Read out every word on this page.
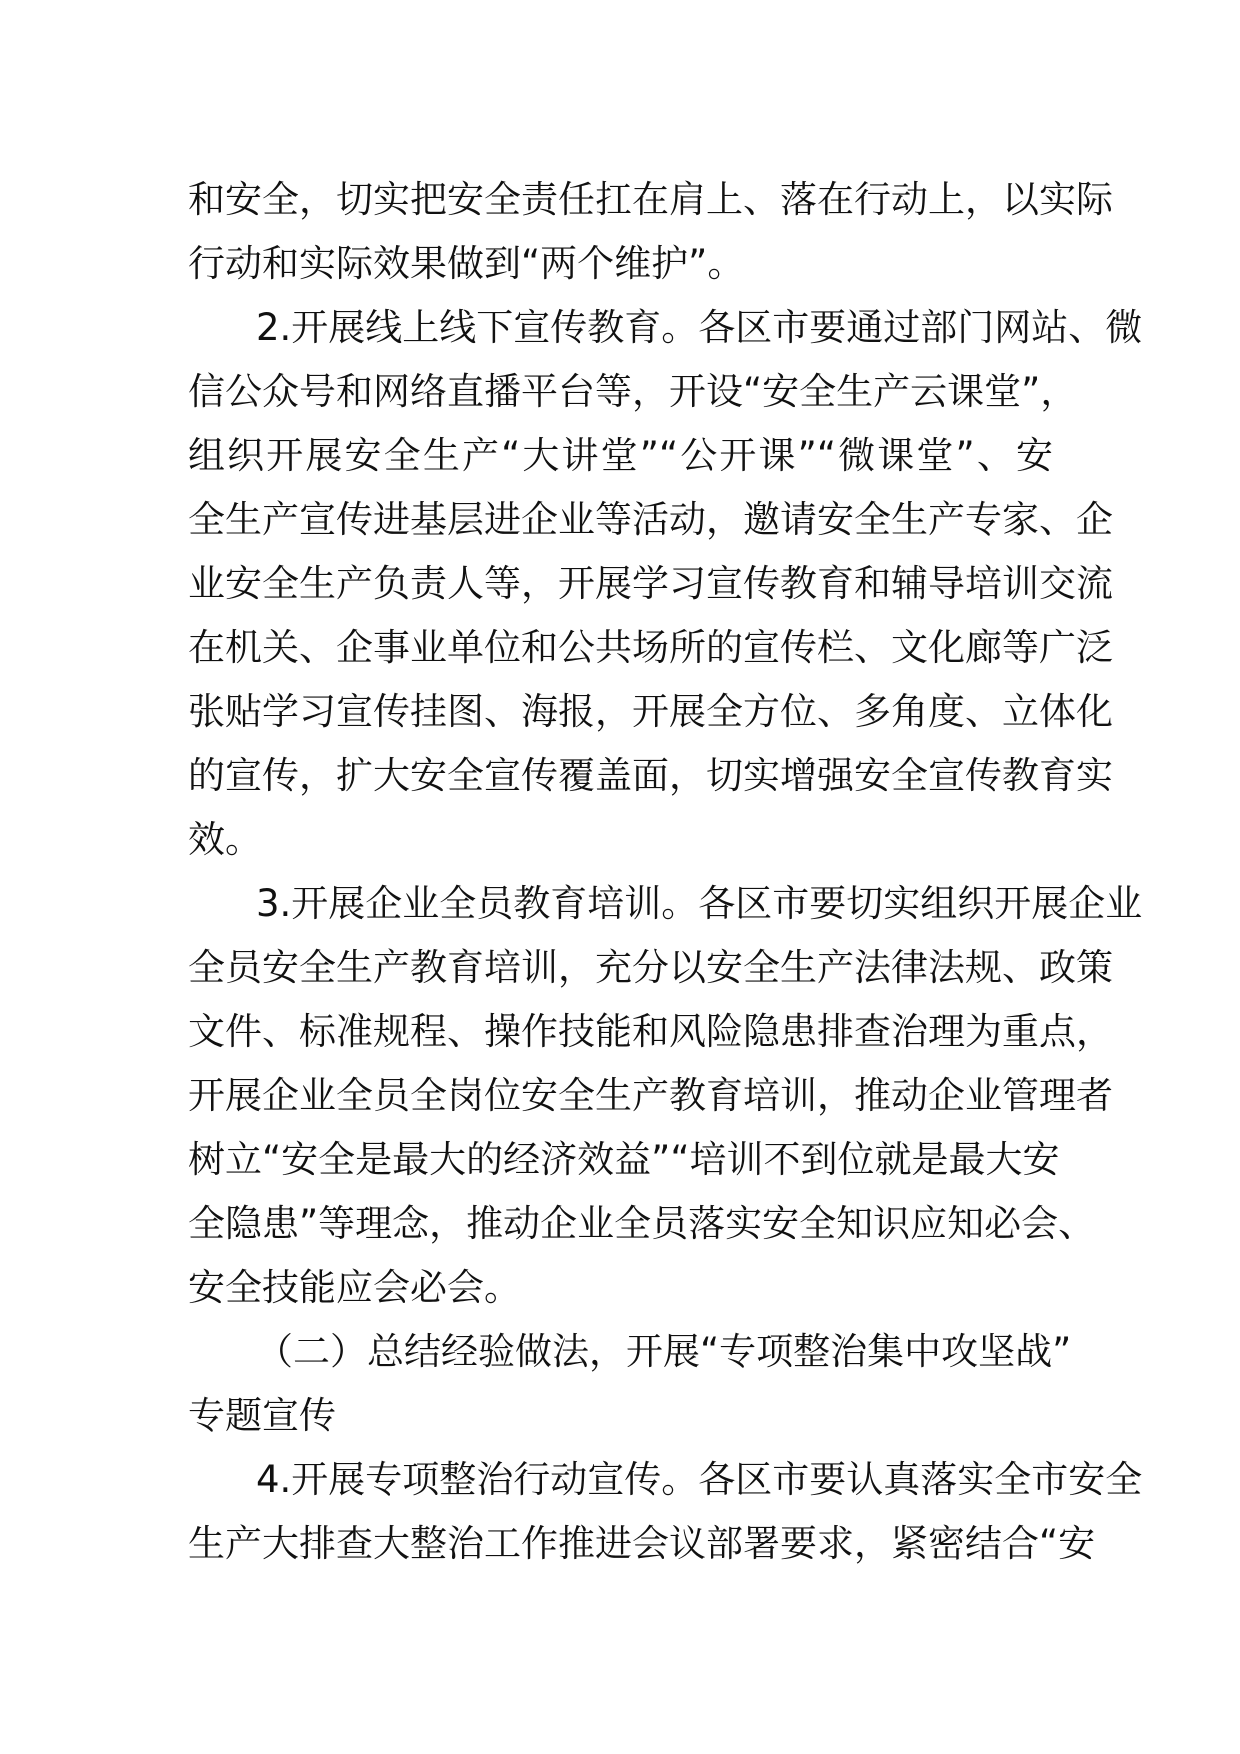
和安全，切实把安全责任扛在肩上、落在行动上，以实际
行动和实际效果做到“两个维护”。
2.开展线上线下宣传教育。各区市要通过部门网站、微
信公众号和网络直播平台等，开设“安全生产云课堂”，
组织开展安全生产“大讲堂”“公开课”“微课堂”、安
全生产宣传进基层进企业等活动，邀请安全生产专家、企
业安全生产负责人等，开展学习宣传教育和辅导培训交流
在机关、企事业单位和公共场所的宣传栏、文化廊等广泛
张贴学习宣传挂图、海报，开展全方位、多角度、立体化
的宣传，扩大安全宣传覆盖面，切实增强安全宣传教育实
效。
3.开展企业全员教育培训。各区市要切实组织开展企业
全员安全生产教育培训，充分以安全生产法律法规、政策
文件、标准规程、操作技能和风险隐患排查治理为重点，
开展企业全员全岗位安全生产教育培训，推动企业管理者
树立“安全是最大的经济效益”“培训不到位就是最大安
全隐患”等理念，推动企业全员落实安全知识应知必会、
安全技能应会必会。
（二）总结经验做法，开展“专项整治集中攻坚战”
专题宣传
4.开展专项整治行动宣传。各区市要认真落实全市安全
生产大排查大整治工作推进会议部署要求，紧密结合“安
